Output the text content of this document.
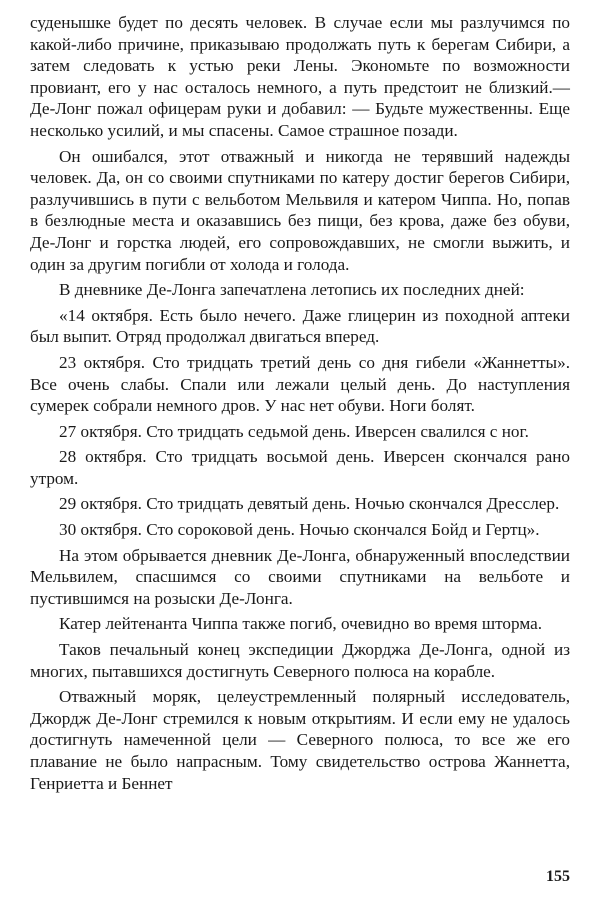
суденышке будет по десять человек. В случае если мы разлучимся по какой-либо причине, приказываю продолжать путь к берегам Сибири, а затем следовать к устью реки Лены. Экономьте по возможности провиант, его у нас осталось немного, а путь предстоит не близкий.— Де-Лонг пожал офицерам руки и добавил: — Будьте мужественны. Еще несколько усилий, и мы спасены. Самое страшное позади.

Он ошибался, этот отважный и никогда не терявший надежды человек. Да, он со своими спутниками по катеру достиг берегов Сибири, разлучившись в пути с вельботом Мельвиля и катером Чиппа. Но, попав в безлюдные места и оказавшись без пищи, без крова, даже без обуви, Де-Лонг и горстка людей, его сопровождавших, не смогли выжить, и один за другим погибли от холода и голода.

В дневнике Де-Лонга запечатлена летопись их последних дней:

«14 октября. Есть было нечего. Даже глицерин из походной аптеки был выпит. Отряд продолжал двигаться вперед.

23 октября. Сто тридцать третий день со дня гибели «Жаннетты». Все очень слабы. Спали или лежали целый день. До наступления сумерек собрали немного дров. У нас нет обуви. Ноги болят.

27 октября. Сто тридцать седьмой день. Иверсен свалился с ног.

28 октября. Сто тридцать восьмой день. Иверсен скончался рано утром.

29 октября. Сто тридцать девятый день. Ночью скончался Дресслер.

30 октября. Сто сороковой день. Ночью скончался Бойд и Гертц».

На этом обрывается дневник Де-Лонга, обнаруженный впоследствии Мельвилем, спасшимся со своими спутниками на вельботе и пустившимся на розыски Де-Лонга.

Катер лейтенанта Чиппа также погиб, очевидно во время шторма.

Таков печальный конец экспедиции Джорджа Де-Лонга, одной из многих, пытавшихся достигнуть Северного полюса на корабле.

Отважный моряк, целеустремленный полярный исследователь, Джордж Де-Лонг стремился к новым открытиям. И если ему не удалось достигнуть намеченной цели — Северного полюса, то все же его плавание не было напрасным. Тому свидетельство острова Жаннетта, Генриетта и Беннет

155
